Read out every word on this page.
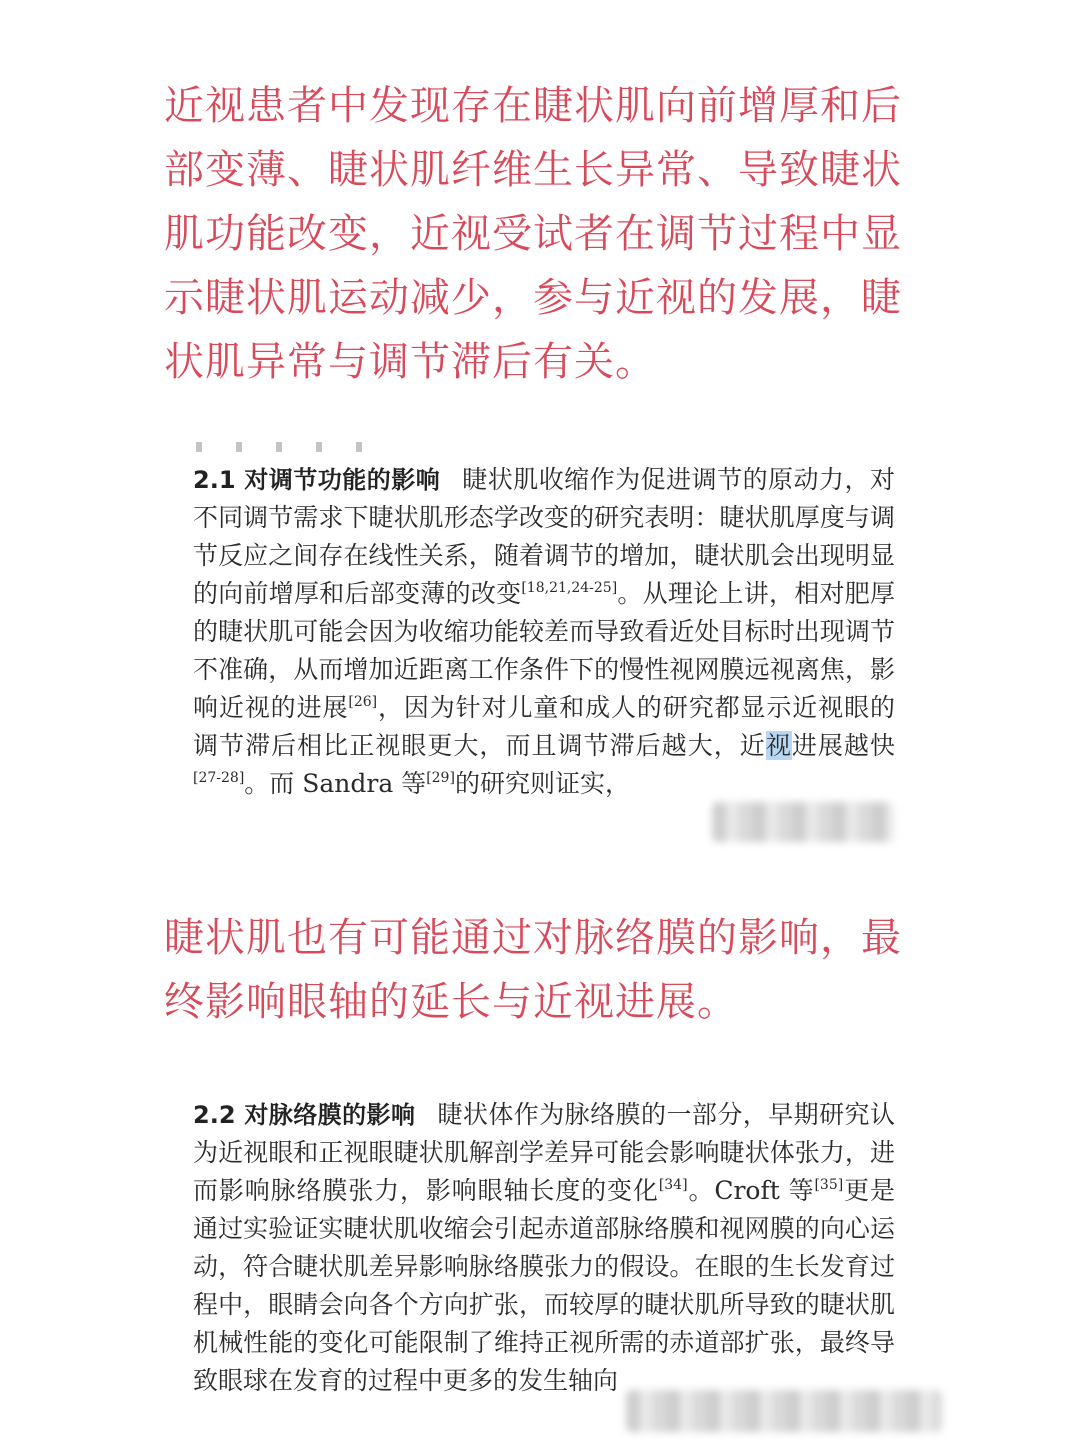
近视患者中发现存在睫状肌向前增厚和后部变薄、睫状肌纤维生长异常、导致睫状肌功能改变，近视受试者在调节过程中显示睫状肌运动减少，参与近视的发展，睫状肌异常与调节滞后有关。

2.1 对调节功能的影响 睫状肌收缩作为促进调节的原动力，对不同调节需求下睫状肌形态学改变的研究表明：睫状肌厚度与调节反应之间存在线性关系，随着调节的增加，睫状肌会出现明显的向前增厚和后部变薄的改变[18,21,24-25]。从理论上讲，相对肥厚的睫状肌可能会因为收缩功能较差而导致看近处目标时出现调节不准确，从而增加近距离工作条件下的慢性视网膜远视离焦，影响近视的进展[26]，因为针对儿童和成人的研究都显示近视眼的调节滞后相比正视眼更大，而且调节滞后越大，近视进展越快[27-28]。而 Sandra 等[29]的研究则证实，

睫状肌也有可能通过对脉络膜的影响，最终影响眼轴的延长与近视进展。

2.2 对脉络膜的影响 睫状体作为脉络膜的一部分，早期研究认为近视眼和正视眼睫状肌解剖学差异可能会影响睫状体张力，进而影响脉络膜张力，影响眼轴长度的变化[34]。Croft 等[35]更是通过实验证实睫状肌收缩会引起赤道部脉络膜和视网膜的向心运动，符合睫状肌差异影响脉络膜张力的假设。在眼的生长发育过程中，眼睛会向各个方向扩张，而较厚的睫状肌所导致的睫状肌机械性能的变化可能限制了维持正视所需的赤道部扩张，最终导致眼球在发育的过程中更多的发生轴向
